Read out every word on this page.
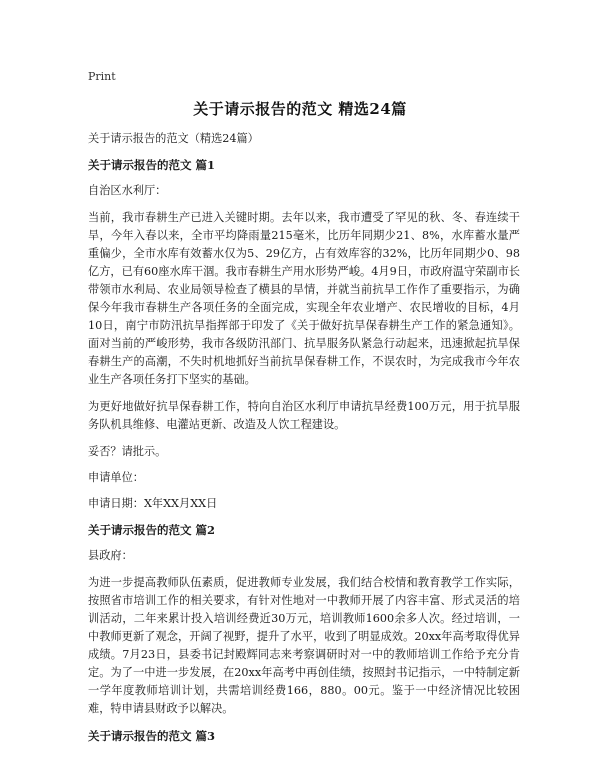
Print
关于请示报告的范文 精选24篇

关于请示报告的范文（精选24篇）

关于请示报告的范文 篇1

自治区水利厅：

当前，我市春耕生产已进入关键时期。去年以来，我市遭受了罕见的秋、冬、春连续干旱，今年入春以来，全市平均降雨量215毫米，比历年同期少21、8%，水库蓄水量严重偏少，全市水库有效蓄水仅为5、29亿方，占有效库容的32%，比历年同期少0、98亿方，已有60座水库干涸。我市春耕生产用水形势严峻。4月9日，市政府温守荣副市长带领市水利局、农业局领导检查了横县的旱情，并就当前抗旱工作作了重要指示，为确保今年我市春耕生产各项任务的全面完成，实现全年农业增产、农民增收的目标，4月10日，南宁市防汛抗旱指挥部于印发了《关于做好抗旱保春耕生产工作的紧急通知》。面对当前的严峻形势，我市各级防汛部门、抗旱服务队紧急行动起来，迅速掀起抗旱保春耕生产的高潮，不失时机地抓好当前抗旱保春耕工作，不误农时，为完成我市今年农业生产各项任务打下坚实的基础。

为更好地做好抗旱保春耕工作，特向自治区水利厅申请抗旱经费100万元，用于抗旱服务队机具维修、电灌站更新、改造及人饮工程建设。

妥否？请批示。

申请单位：

申请日期：X年XX月XX日

关于请示报告的范文 篇2

县政府：

为进一步提高教师队伍素质，促进教师专业发展，我们结合校情和教育教学工作实际，按照省市培训工作的相关要求，有针对性地对一中教师开展了内容丰富、形式灵活的培训活动，二年来累计投入培训经费近30万元，培训教师1600余多人次。经过培训，一中教师更新了观念，开阔了视野，提升了水平，收到了明显成效。20xx年高考取得优异成绩。7月23日，县委书记封殿辉同志来考察调研时对一中的教师培训工作给予充分肯定。为了一中进一步发展，在20xx年高考中再创佳绩，按照封书记指示，一中特制定新一学年度教师培训计划，共需培训经费166，880。00元。鉴于一中经济情况比较困难，特申请县财政予以解决。

关于请示报告的范文 篇3
